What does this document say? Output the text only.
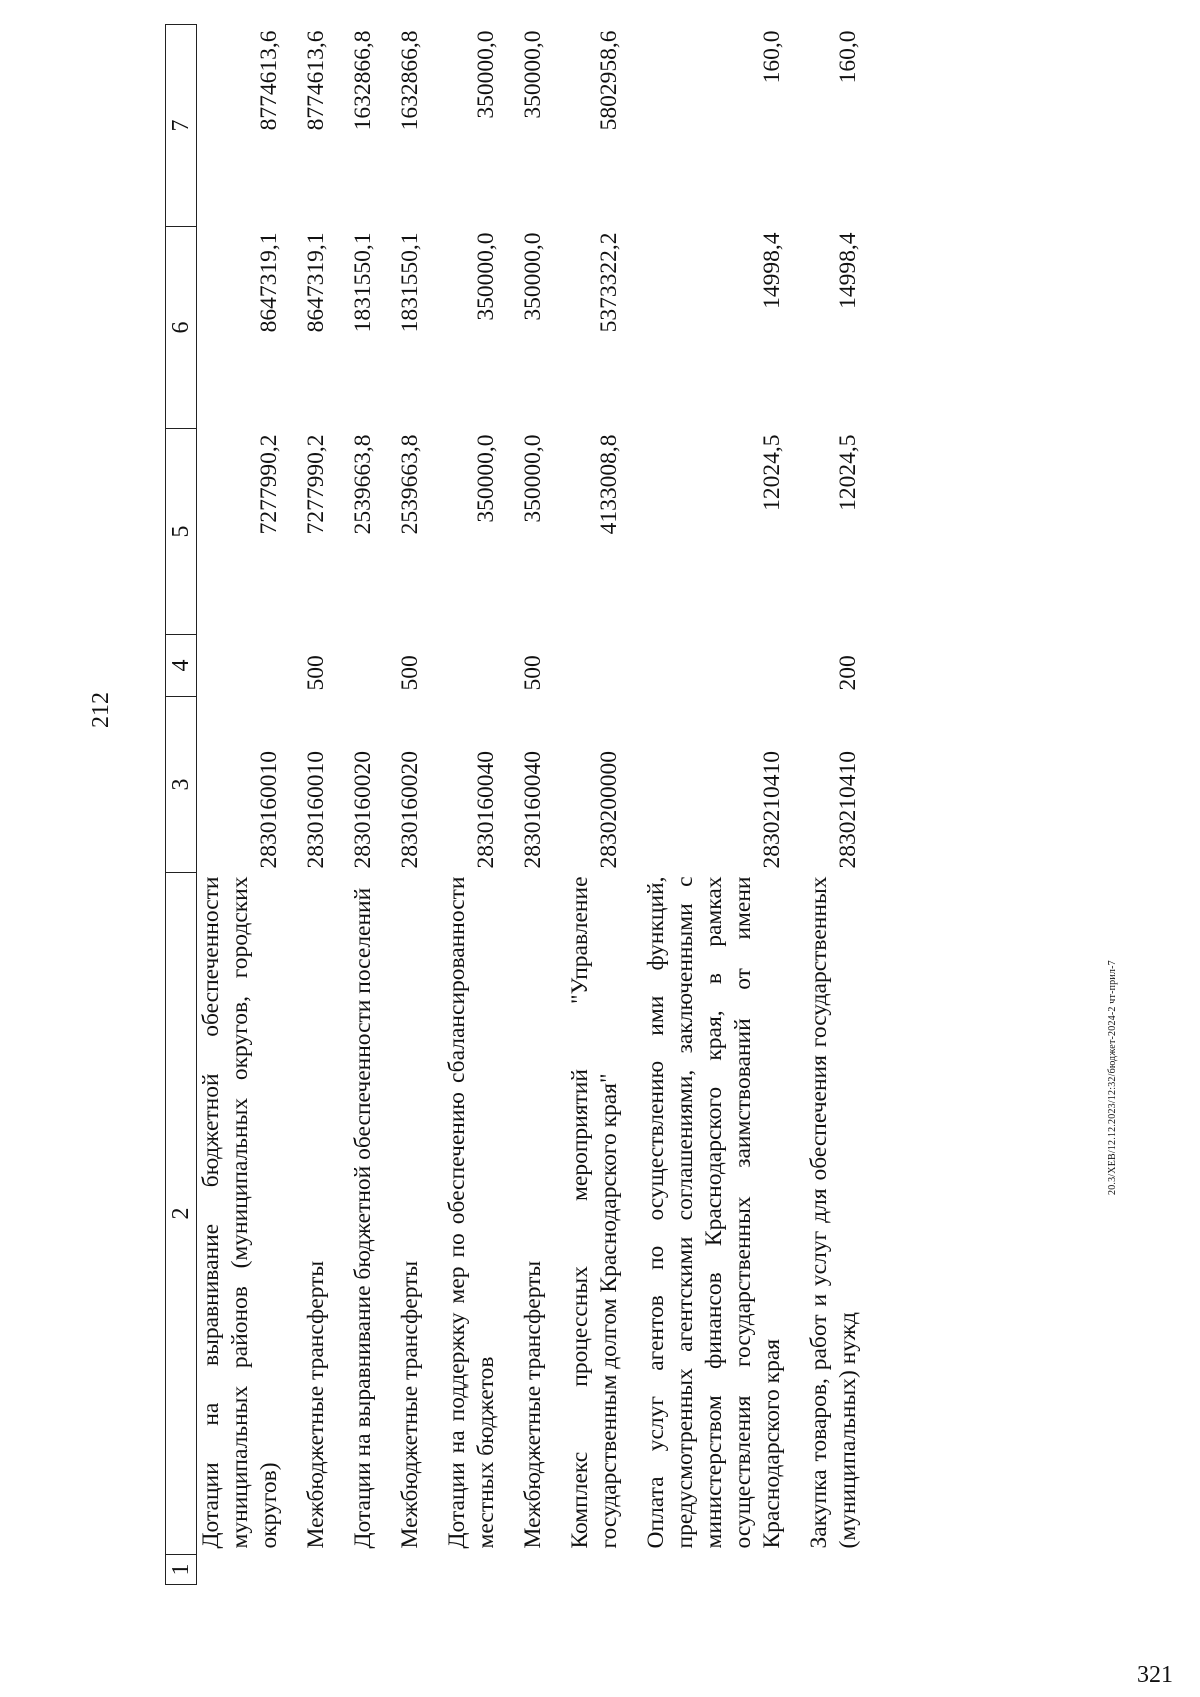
212
1	2	3	4	5	6	7
	Дотации на выравнивание бюджетной обеспеченности муниципальных районов (муниципальных округов, городских округов)	2830160010		7277990,2	8647319,1	8774613,6
	Межбюджетные трансферты	2830160010	500	7277990,2	8647319,1	8774613,6
	Дотации на выравнивание бюджетной обеспеченности поселений	2830160020		2539663,8	1831550,1	1632866,8
	Межбюджетные трансферты	2830160020	500	2539663,8	1831550,1	1632866,8
	Дотации на поддержку мер по обеспечению сбалансированности местных бюджетов	2830160040		350000,0	350000,0	350000,0
	Межбюджетные трансферты	2830160040	500	350000,0	350000,0	350000,0
	Комплекс процессных мероприятий "Управление государственным долгом Краснодарского края"	2830200000		4133008,8	5373322,2	5802958,6
	Оплата услуг агентов по осуществлению ими функций, предусмотренных агентскими соглашениями, заключенными с министерством финансов Краснодарского края, в рамках осуществления государственных заимствований от имени Краснодарского края	2830210410		12024,5	14998,4	160,0
	Закупка товаров, работ и услуг для обеспечения государственных (муниципальных) нужд	2830210410	200	12024,5	14998,4	160,0
20.3/XEB/12.12.2023/12:32/бюджет-2024-2 чт-прил-7
321
